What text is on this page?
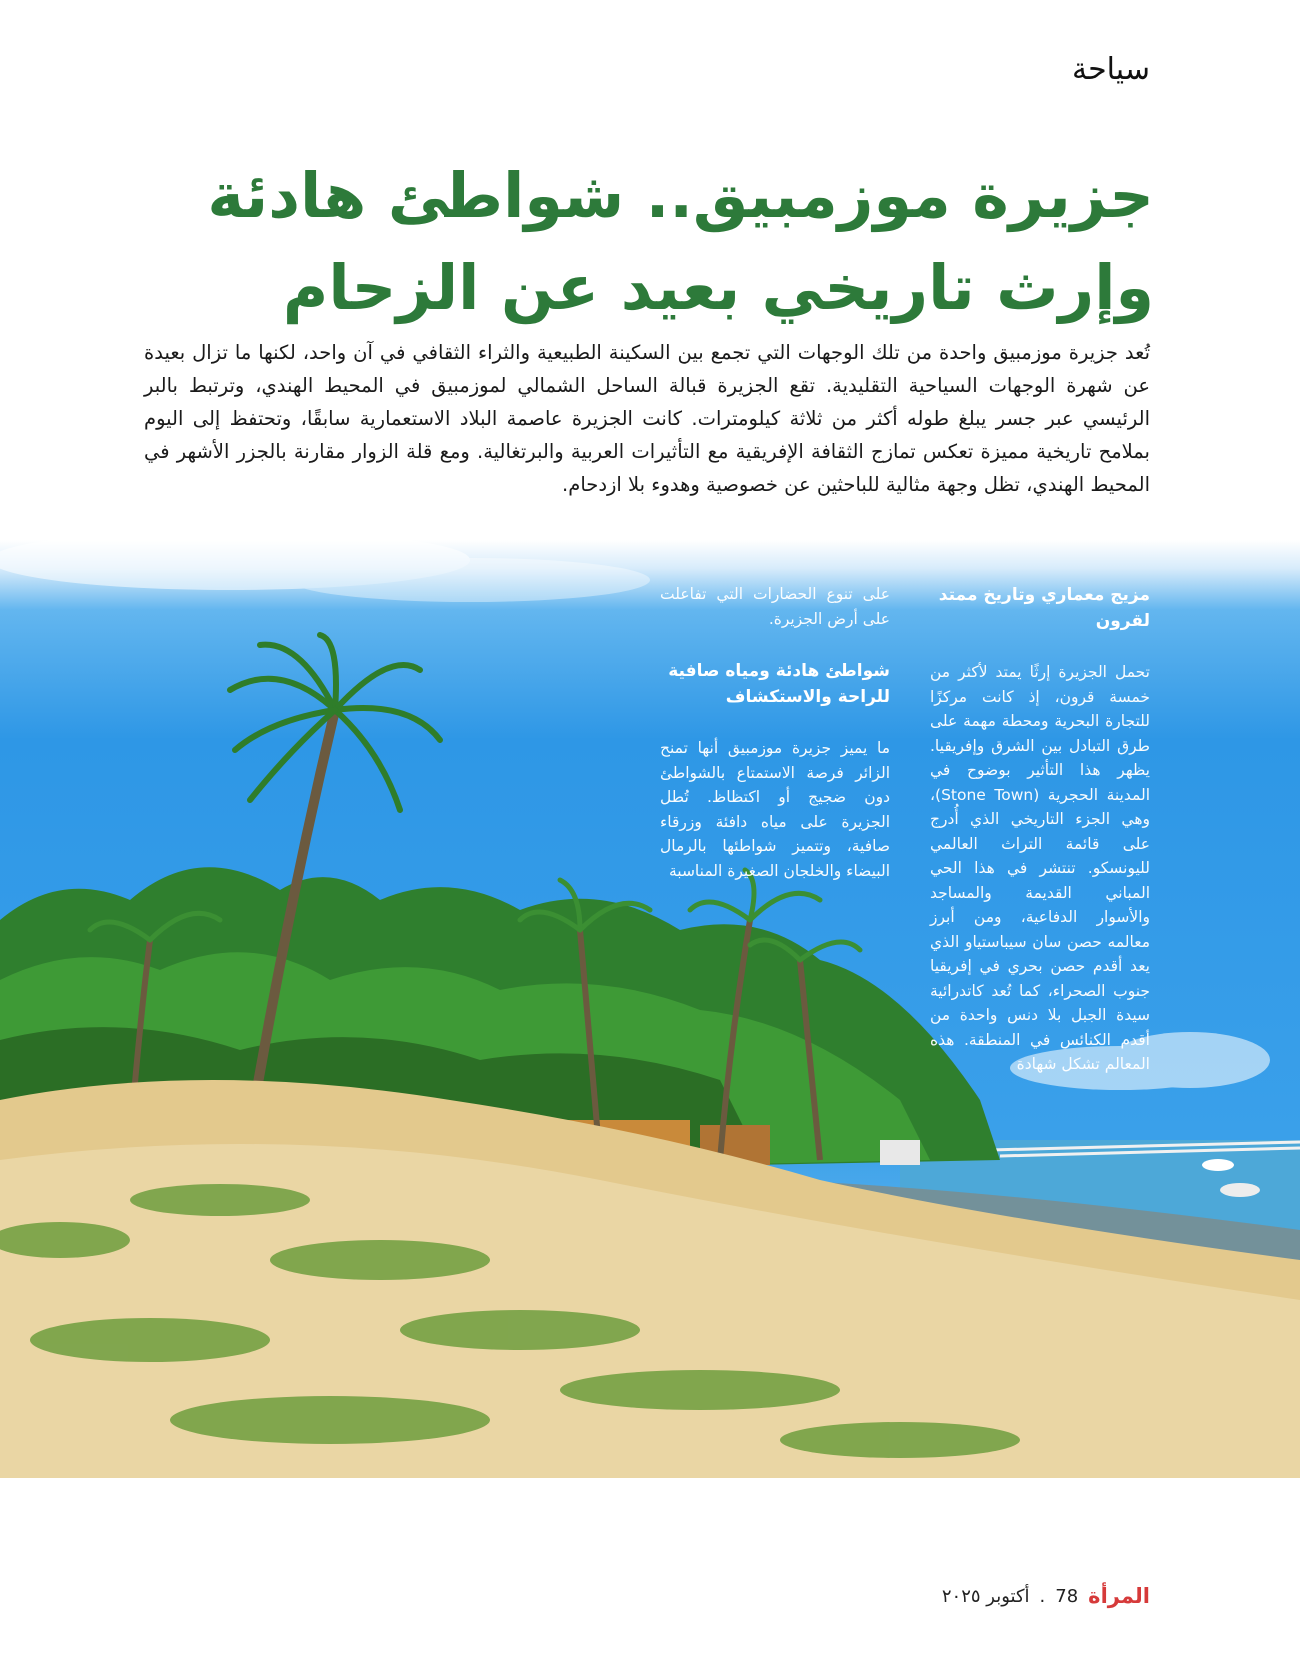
سياحة
جزيرة موزمبيق.. شواطئ هادئة
وإرث تاريخي بعيد عن الزحام

تُعد جزيرة موزمبيق واحدة من تلك الوجهات التي تجمع بين السكينة الطبيعية والثراء الثقافي في آن واحد، لكنها ما تزال بعيدة عن شهرة الوجهات السياحية التقليدية. تقع الجزيرة قبالة الساحل الشمالي لموزمبيق في المحيط الهندي، وترتبط بالبر الرئيسي عبر جسر يبلغ طوله أكثر من ثلاثة كيلومترات. كانت الجزيرة عاصمة البلاد الاستعمارية سابقًا، وتحتفظ إلى اليوم بملامح تاريخية مميزة تعكس تمازج الثقافة الإفريقية مع التأثيرات العربية والبرتغالية. ومع قلة الزوار مقارنة بالجزر الأشهر في المحيط الهندي، تظل وجهة مثالية للباحثين عن خصوصية وهدوء بلا ازدحام.

مزيج معماري وتاريخ ممتد لقرون

تحمل الجزيرة إرثًا يمتد لأكثر من خمسة قرون، إذ كانت مركزًا للتجارة البحرية ومحطة مهمة على طرق التبادل بين الشرق وإفريقيا. يظهر هذا التأثير بوضوح في المدينة الحجرية (Stone Town)، وهي الجزء التاريخي الذي أُدرج على قائمة التراث العالمي لليونسكو. تنتشر في هذا الحي المباني القديمة والمساجد والأسوار الدفاعية، ومن أبرز معالمه حصن سان سيباستياو الذي يعد أقدم حصن بحري في إفريقيا جنوب الصحراء، كما تُعد كاتدرائية سيدة الجبل بلا دنس واحدة من أقدم الكنائس في المنطقة. هذه المعالم تشكل شهادة

على تنوع الحضارات التي تفاعلت على أرض الجزيرة.

شواطئ هادئة ومياه صافية للراحة والاستكشاف

ما يميز جزيرة موزمبيق أنها تمنح الزائر فرصة الاستمتاع بالشواطئ دون ضجيج أو اكتظاظ. تُطل الجزيرة على مياه دافئة وزرقاء صافية، وتتميز شواطئها بالرمال البيضاء والخلجان الصغيرة المناسبة

المرأة
78
.
أكتوبر ٢٠٢٥
